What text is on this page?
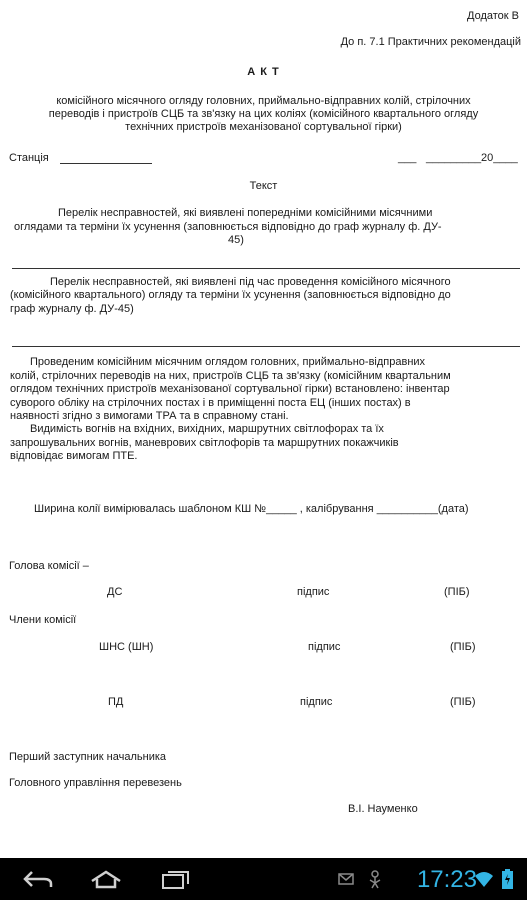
Додаток В
До п. 7.1 Практичних рекомендацій
А К Т
комісійного місячного огляду головних, приймально-відправних колій, стрілочних
переводів і пристроїв СЦБ та зв'язку на цих коліях (комісійного квартального огляду
технічних пристроїв механізованої сортувальної гірки)
Станція	___ _________20____
Текст
Перелік несправностей, які виявлені попередніми комісійними місячними
оглядами та терміни їх усунення (заповнюється відповідно до граф журналу ф. ДУ-
45)
Перелік несправностей, які виявлені під час проведення комісійного місячного
(комісійного квартального) огляду та терміни їх усунення (заповнюється відповідно до
граф журналу ф. ДУ-45)
Проведеним комісійним місячним оглядом головних, приймально-відправних
колій, стрілочних переводів на них, пристроїв СЦБ та зв'язку (комісійним квартальним
оглядом технічних пристроїв механізованої сортувальної гірки) встановлено: інвентар
суворого обліку на стрілочних постах і в приміщенні поста ЕЦ (інших постах) в
наявності згідно з вимогами ТРА та в справному стані.
Видимість вогнів на вхідних, вихідних, маршрутних світлофорах та їх
запрошувальних вогнів, маневрових світлофорів та маршрутних покажчиків
відповідає вимогам ПТЕ.
Ширина колії вимірювалась шаблоном КШ №_____ , калібрування __________(дата)
Голова комісії –
ДС	підпис	(ПІБ)
Члени комісії
ШНС (ШН)	підпис	(ПІБ)
ПД	підпис	(ПІБ)
Перший заступник начальника
Головного управління перевезень
В.І. Науменко
17:23
